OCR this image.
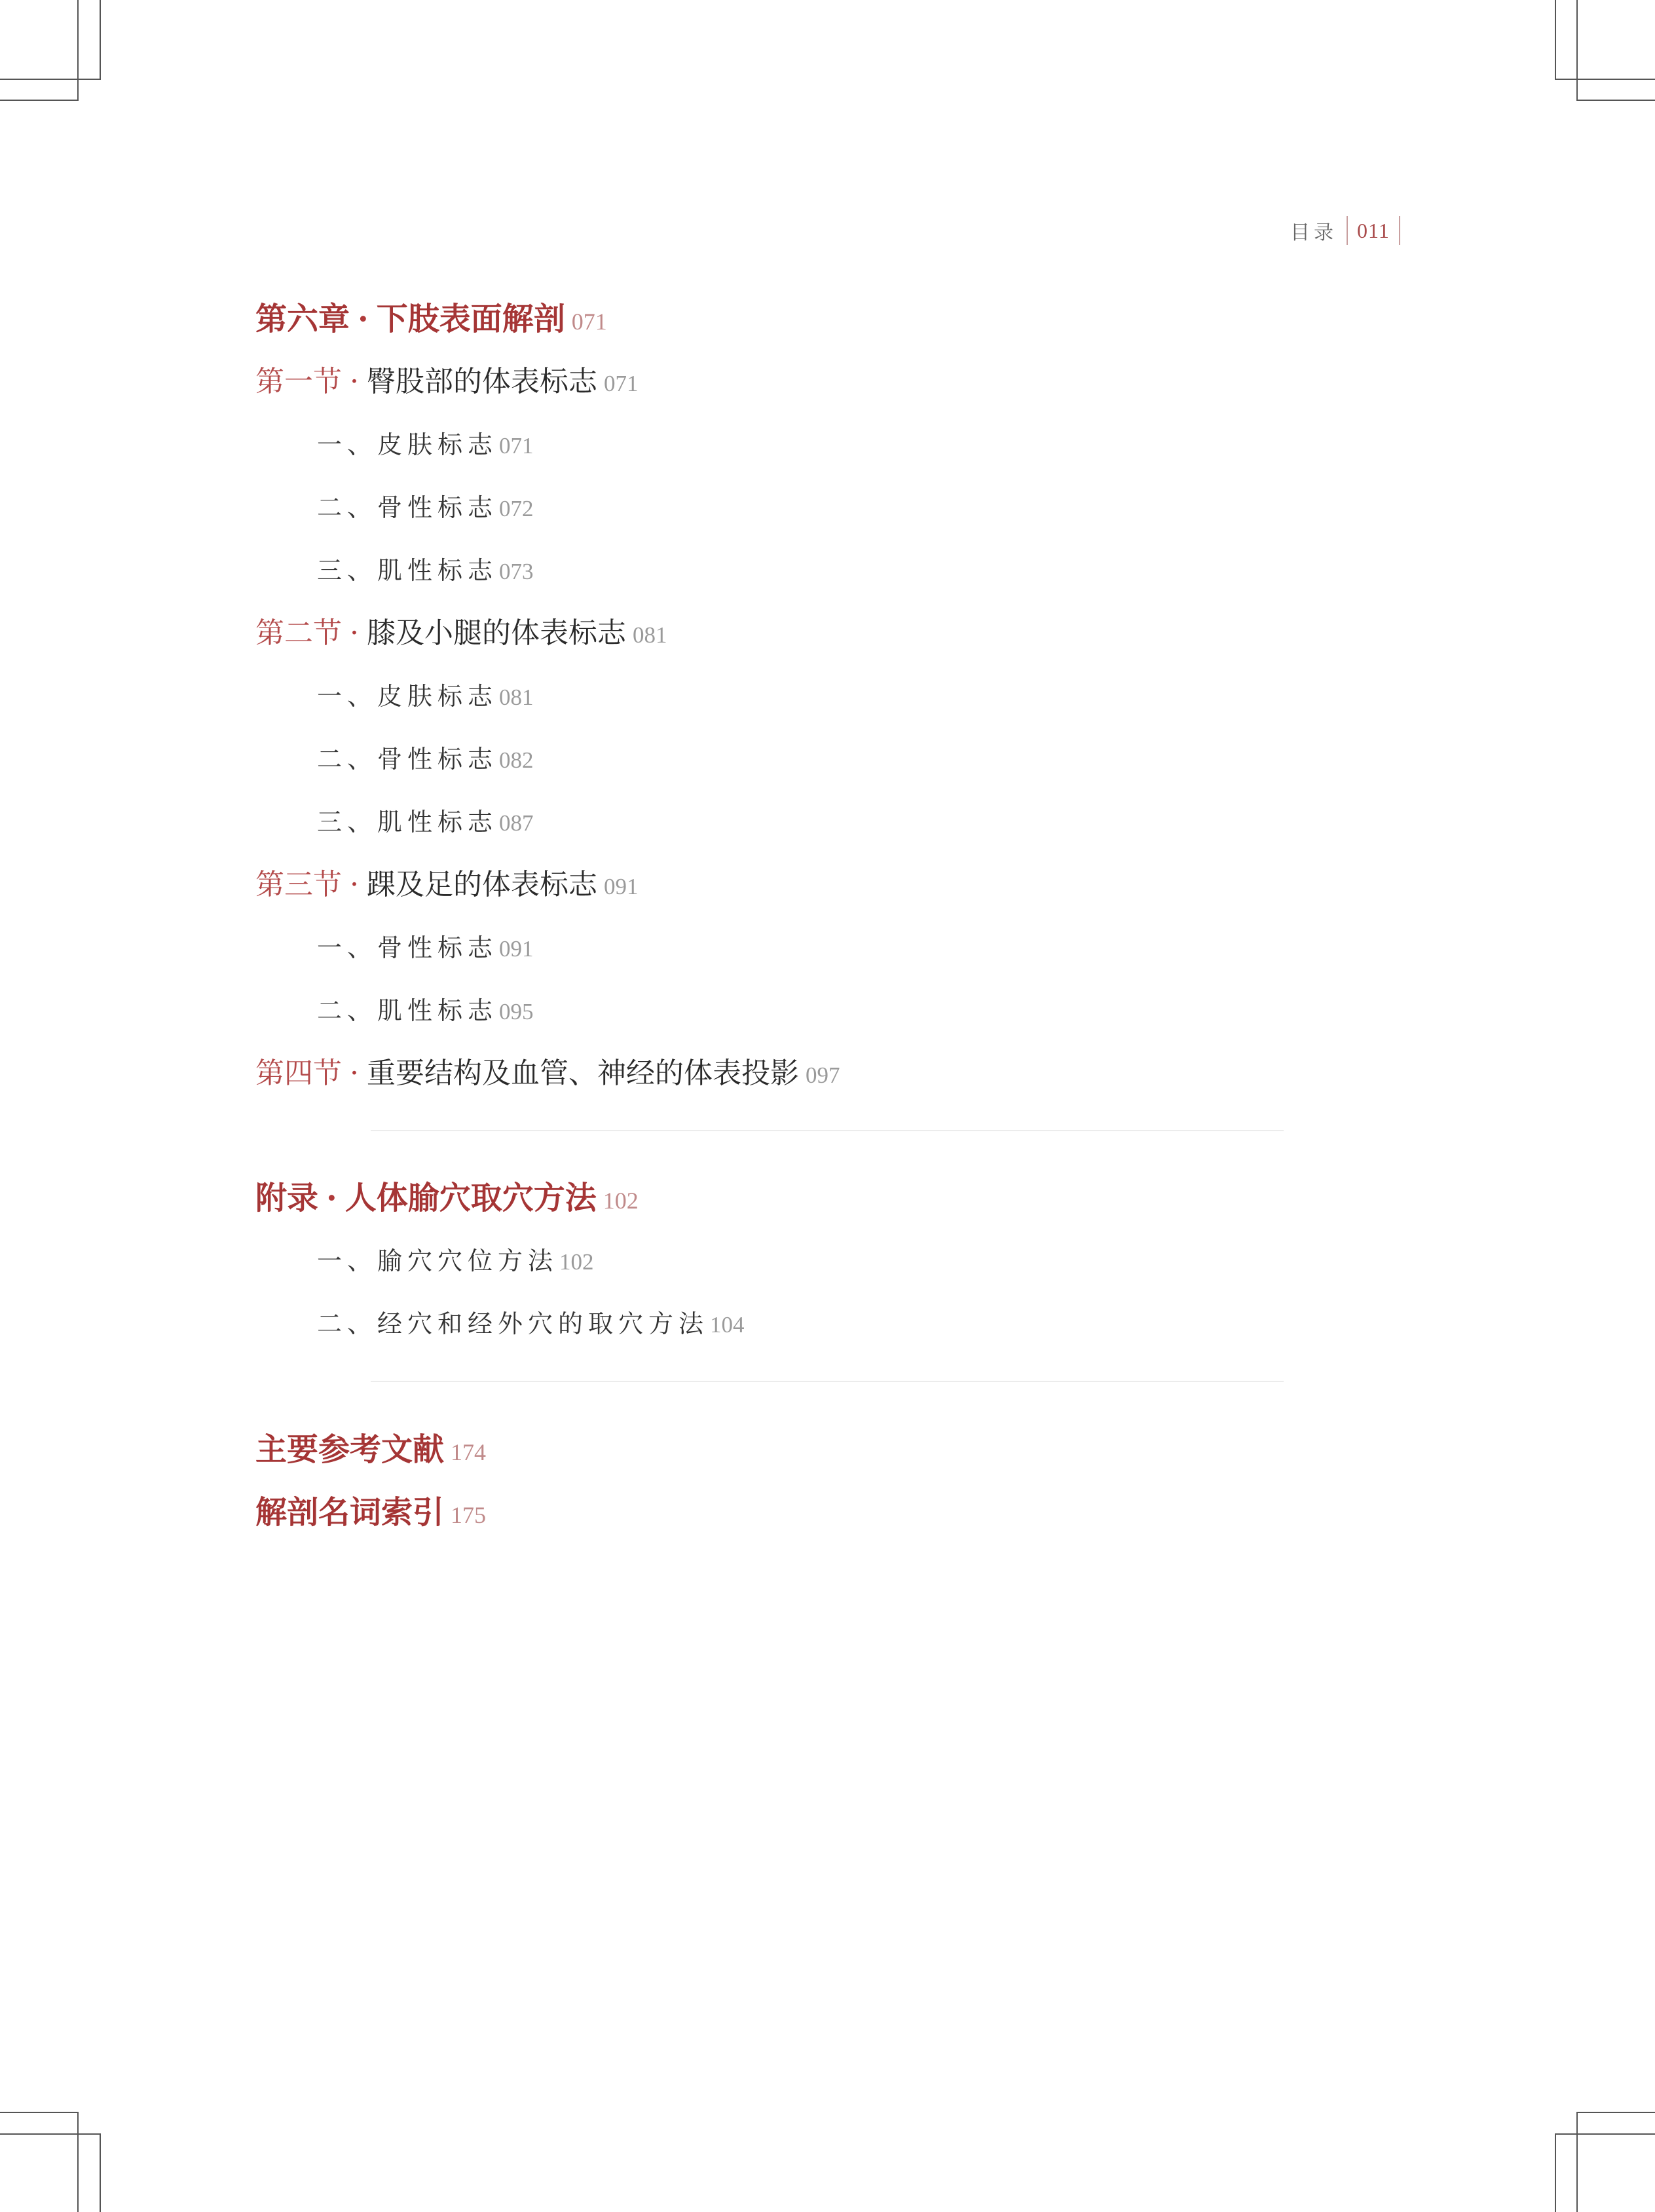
目录 011
第六章 · 下肢表面解剖 071
第一节 · 臀股部的体表标志 071
一、皮肤标志 071
二、骨性标志 072
三、肌性标志 073
第二节 · 膝及小腿的体表标志 081
一、皮肤标志 081
二、骨性标志 082
三、肌性标志 087
第三节 · 踝及足的体表标志 091
一、骨性标志 091
二、肌性标志 095
第四节 · 重要结构及血管、神经的体表投影 097
附录 · 人体腧穴取穴方法 102
一、腧穴穴位方法 102
二、经穴和经外穴的取穴方法 104
主要参考文献 174
解剖名词索引 175
